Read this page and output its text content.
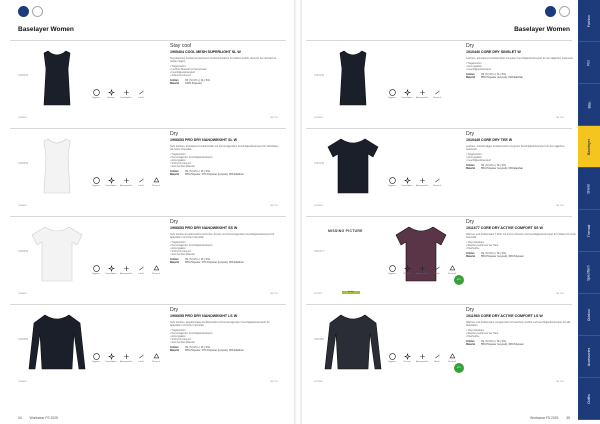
Baselayer Women
1905404
Stay cool
1905404 COOL MESH SUPERLIGHT SL W
Superleichtes Funktionsunterhemd mit Netzeinsätzen für kühles Gefühl, ideal für den Einsatz an heißen Tagen.
• Tragekomfort
• Leichtes Material mit Netzeinsatz
• Feuchtigkeitstransport
• Schnell trocknend
Größen	XS | S | M | L | XL | XXL
Material 100% Polyester
Hygiene	Sommer	Feuchtigkeit	Leicht
1905404	B4 79 0
1906653
Dry
1906653 PRO DRY NANOWEIGHT SL W
Sehr leichtes, ärmelloses Funktionsshirt mit hervorragendem Feuchtigkeitstransport für Aktivitäten mit hoher Intensität.
• Tragekomfort
• Hervorragender Feuchtigkeitstransport
• Atmungsaktiv
• Schnell trocknend
• Sehr leichtes Material
Größen	XS | S | M | L | XL | XXL
Material 48% Polyester, 37% Polyester (recycelt), 15% Elasthan
Hygiene	Feuchtigkeit Atmungsaktiv	Leicht	Recycelt
1906653	B4 79 0
1906653
Dry
1906653 PRO DRY NANOWEIGHT SS W
Sehr leichtes Funktionsshirt mit kurzen Ärmeln und hervorragendem Feuchtigkeitstransport für Aktivitäten mit hoher Intensität.
• Tragekomfort
• Hervorragender Feuchtigkeitstransport
• Atmungsaktiv
• Schnell trocknend
• Sehr leichtes Material
Größen	XS | S | M | L | XL | XXL
Material 48% Polyester, 37% Polyester (recycelt), 15% Elasthan
Hygiene	Feuchtigkeit Atmungsaktiv	Leicht	Recycelt
1906653	B4 79 0
1906655
Dry
1906655 PRO DRY NANOWEIGHT LS W
Sehr leichtes, langärmeliges Funktionsshirt mit hervorragendem Feuchtigkeitstransport für Aktivitäten mit hoher Intensität.
• Tragekomfort
• Hervorragender Feuchtigkeitstransport
• Atmungsaktiv
• Schnell trocknend
• Sehr leichtes Material
Größen	XS | S | M | L | XL | XXL
Material 48% Polyester, 37% Polyester (recycelt), 15% Elasthan
Hygiene	Feuchtigkeit Atmungsaktiv	Leicht	Recycelt
1906655	B4 79 0
34 Workwear FS 2025
Baselayer Women
1910446
Dry
1910446 CORE DRY SINGLET W
Leichtes, ärmelloses Funktionsshirt mit gutem Feuchtigkeitstransport für den täglichen Gebrauch.
• Tragekomfort
• Atmungsaktiv
• Feuchtigkeitstransport
Größen	XS | S | M | L | XL | XXL
Material 85% Polyester (recycelt), 15% Elasthan
Hygiene	Feuchtigkeit Atmungsaktiv	Recycelt
1910446	B4 79 0
1910445
Dry
1910445 CORE DRY TEE W
Leichtes, kurzärmeliges Funktionsshirt mit gutem Feuchtigkeitstransport für den täglichen Gebrauch.
• Tragekomfort
• Atmungsaktiv
• Feuchtigkeitstransport
Größen	XS | S | M | L | XL | XXL
Material 85% Polyester (recycelt), 15% Elasthan
Hygiene	Feuchtigkeit Atmungsaktiv	Recycelt
1910445	B4 79 0
MISSING PICTURE
1911677
Dry
1911677 CORE DRY ACTIVE COMFORT SS W
Warmes und funktionales T-Shirt mit kurzen Ärmeln und Feuchtigkeitstransport für mittlere bis hohe Intensität.
• Thermofunktion
• Weiches Gefühl auf der Haut
• Flachnähte
Größen	XS | S | M | L | XL | XXL
Material 55% Polyester (recycelt), 45% Polyester
Hygiene	Thermal	Atmungsaktiv	Weich	Recycelt
ECO
Farben
1911677	B4 79 0
1911560
Dry
1911560 CORE DRY ACTIVE COMFORT LS W
Warmes und funktionales Langarmshirt mit weichem Gefühl und Feuchtigkeitstransport für alle Aktivitäten.
• Thermofunktion
• Weiches Gefühl auf der Haut
• Flachnähte
Größen	XS | S | M | L | XL | XXL
Material 55% Polyester (recycelt), 45% Polyester
Hygiene	Thermal	Atmungsaktiv	Weich	Recycelt
ECO
1911560	B4 79 0
Workwear FS 2025 35
Fashion
Rot
Blau
Baselayer
Shield
Thermal
Spezifisch
Outdoor
Accessories
Outfits
